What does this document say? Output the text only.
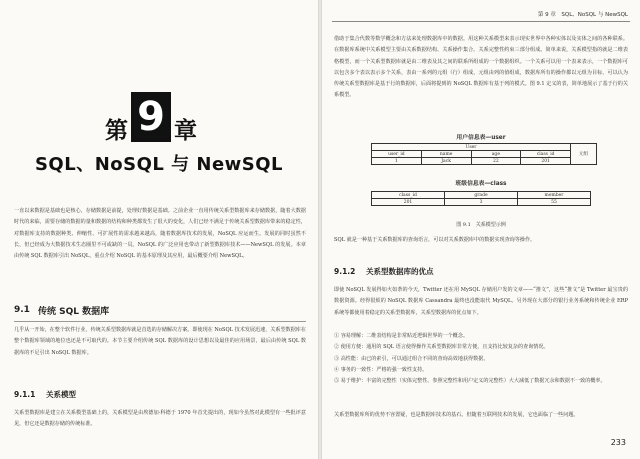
第 9 章
SQL、NoSQL 与 NewSQL

一直以来数据是基础也是核心，存储数据是前提，处理好数据是基础。之前企业一直用传统关系型数据库来存储数据，随着大数据时代的来临，需要存储的数据的量和数据的结构和种类都发生了很大的变化，人们已经不满足于传统关系型数据库带来的稳定性，对数据库支持的数据种类、伸缩性、可扩展性的需求越来越高，随着数据库技术的发展，NoSQL 应运而生。发展的同时虽然不长，但已经成为大数据技术生态圈里不可或缺的一员。NoSQL 的广泛应用也带动了新型数据库技术——NewSQL 的发展。本章由传统 SQL 数据库引出 NoSQL，重点介绍 NoSQL 的基本原理及其应用，最后概要介绍 NewSQL。

9.1 传统 SQL 数据库

几乎从一开始，在整个软件行业，传统关系型数据库就是首选的存储解决方案。即使现在 NoSQL 技术发展迅速，关系型数据库在整个数据库领域的地位也还是不可取代的。本节主要介绍传统 SQL 数据库的设计思想以及最佳的应用场景，最后由传统 SQL 数据库的不足引出 NoSQL 数据库。

9.1.1 关系模型

关系型数据库是建立在关系模型基础上的，关系模型是由埃德加·科德于 1970 年首先提出的，现如今虽然对此模型有一些批评意见，但它还是数据存储的传统标准。

第 9 章　SQL、NoSQL 与 NewSQL

借助于集合代数等数学概念和方法来处理数据库中的数据。用这种关系模型来表示现实世界中各种实体以及实体之间的各种联系。在数据库系统中关系模型主要由关系数据结构、关系操作集合、关系完整性约束三部分组成。简单来说，关系模型指的就是二维表格模型，而一个关系型数据库就是由二维表及其之间的联系所组成的一个数据组织。一个关系可以用一个表来表示，一个数据库可以包含多个表以表示多个关系，表由一系列的元组（行）组成，元组由列的值组成，数据库所有的操作都以元组为目标，可以认为传统关系型数据库是基于行的数据库，后面将提到的 NoSQL 数据库有基于列的模式。图 9.1 定义的表，简单地展示了基于行的关系模型。

用户信息表—user
User				元组
user_id	name	age	class_id	
1	Jack	22	201	
班级信息表—class
class_id	grade	member
201	3	55
图 9.1　关系模型示例

SQL 就是一种基于关系数据库的查询语言，可以对关系数据库中的数据实现查询等操作。

9.1.2 关系型数据库的优点

即使 NoSQL 发展得如火如荼的今天，Twitter 还在用 MySQL 存储用户发的文章——“推文”，这些“推文”是 Twitter 最宝贵的数据资源。经得很烦的 NoSQL 数据库 Cassandra 最终也没能取代 MySQL。另外现在大部分的银行业务系统和传统企业 ERP 系统等都使用着稳定的关系型数据库，关系型数据库的优点如下。

① 容易理解：二维表结构是非常贴近逻辑世界的一个概念。
② 使用方便：通用的 SQL 语言使得操作关系型数据库非常方便，且支持比较复杂的查询情况。
③ 高性能：由已的索引，可以通过组合不同的查询高效地获得数据。
④ 事务的一致性：严格的强一致性支持。
⑤ 易于维护：丰富的完整性（实体完整性、参照完整性和用户定义的完整性）大大减低了数据冗余和数据不一致的概率。

关系型数据库所的优势不容置疑，也是数据库技术的基石。但随着互联网技术的发展，它也面临了一些问题。

233
